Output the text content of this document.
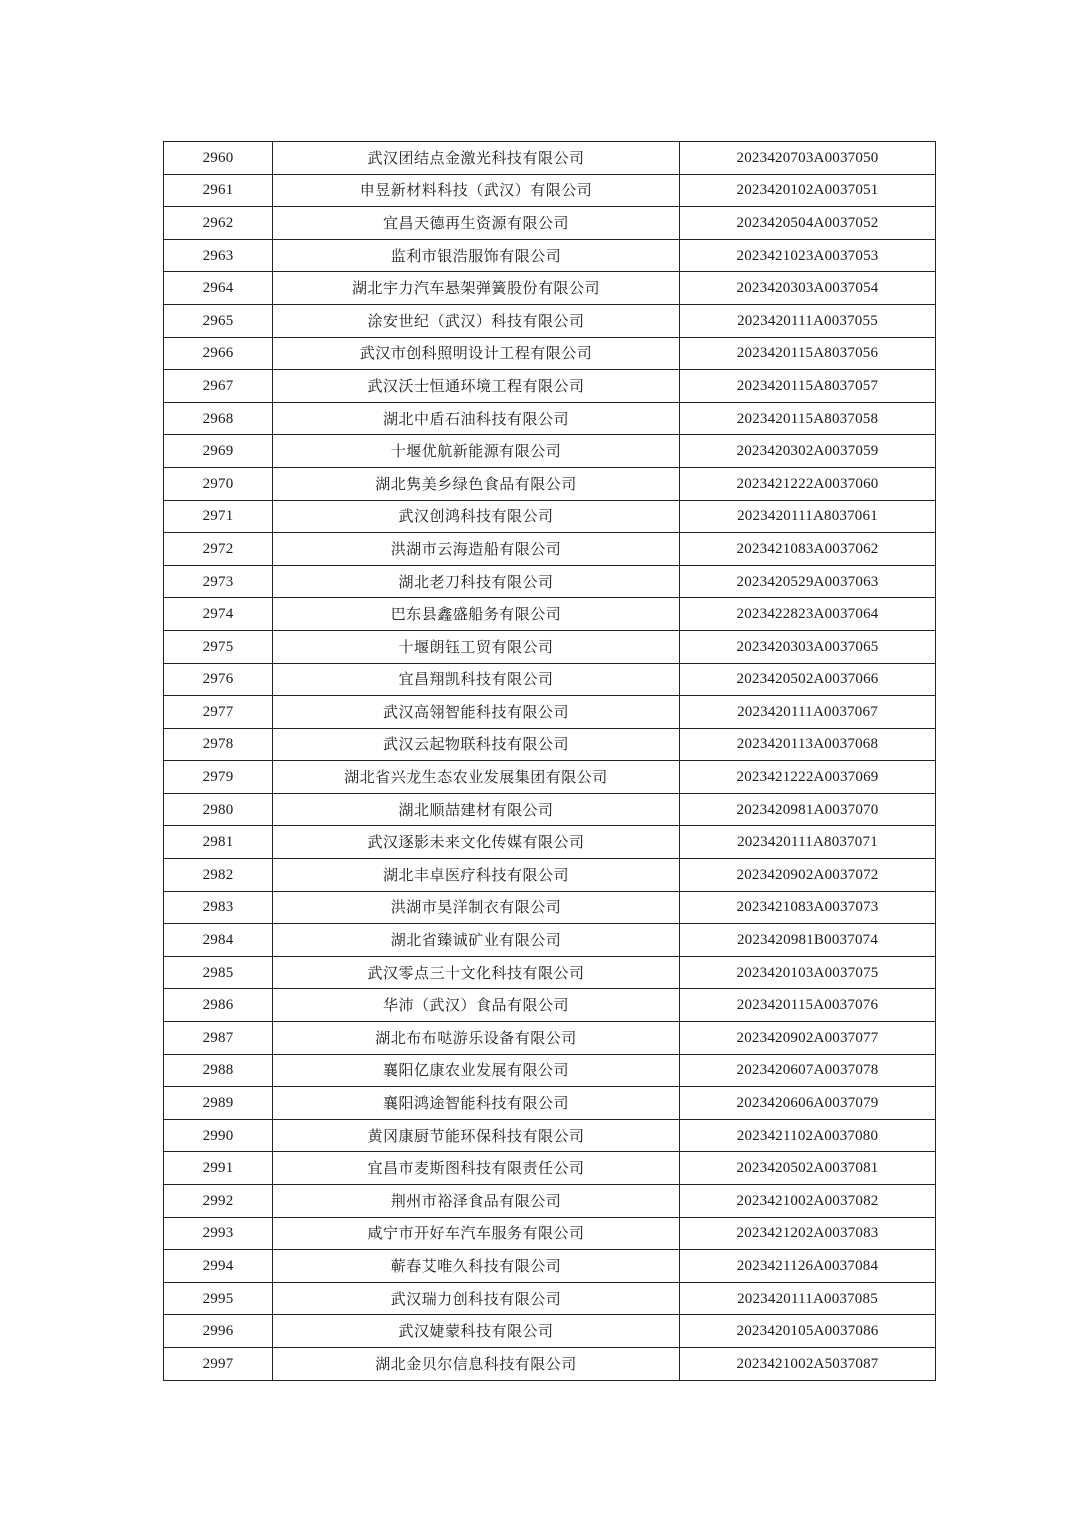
2960	武汉团结点金激光科技有限公司	2023420703A0037050
2961	申昱新材料科技（武汉）有限公司	2023420102A0037051
2962	宜昌天德再生资源有限公司	2023420504A0037052
2963	监利市银浩服饰有限公司	2023421023A0037053
2964	湖北宇力汽车悬架弹簧股份有限公司	2023420303A0037054
2965	涂安世纪（武汉）科技有限公司	2023420111A0037055
2966	武汉市创科照明设计工程有限公司	2023420115A8037056
2967	武汉沃士恒通环境工程有限公司	2023420115A8037057
2968	湖北中盾石油科技有限公司	2023420115A8037058
2969	十堰优航新能源有限公司	2023420302A0037059
2970	湖北隽美乡绿色食品有限公司	2023421222A0037060
2971	武汉创鸿科技有限公司	2023420111A8037061
2972	洪湖市云海造船有限公司	2023421083A0037062
2973	湖北老刀科技有限公司	2023420529A0037063
2974	巴东县鑫盛船务有限公司	2023422823A0037064
2975	十堰朗钰工贸有限公司	2023420303A0037065
2976	宜昌翔凯科技有限公司	2023420502A0037066
2977	武汉高翎智能科技有限公司	2023420111A0037067
2978	武汉云起物联科技有限公司	2023420113A0037068
2979	湖北省兴龙生态农业发展集团有限公司	2023421222A0037069
2980	湖北顺喆建材有限公司	2023420981A0037070
2981	武汉逐影未来文化传媒有限公司	2023420111A8037071
2982	湖北丰卓医疗科技有限公司	2023420902A0037072
2983	洪湖市昊洋制衣有限公司	2023421083A0037073
2984	湖北省臻诚矿业有限公司	2023420981B0037074
2985	武汉零点三十文化科技有限公司	2023420103A0037075
2986	华沛（武汉）食品有限公司	2023420115A0037076
2987	湖北布布哒游乐设备有限公司	2023420902A0037077
2988	襄阳亿康农业发展有限公司	2023420607A0037078
2989	襄阳鸿途智能科技有限公司	2023420606A0037079
2990	黄冈康厨节能环保科技有限公司	2023421102A0037080
2991	宜昌市麦斯图科技有限责任公司	2023420502A0037081
2992	荆州市裕泽食品有限公司	2023421002A0037082
2993	咸宁市开好车汽车服务有限公司	2023421202A0037083
2994	蕲春艾唯久科技有限公司	2023421126A0037084
2995	武汉瑞力创科技有限公司	2023420111A0037085
2996	武汉婕蒙科技有限公司	2023420105A0037086
2997	湖北金贝尔信息科技有限公司	2023421002A5037087
